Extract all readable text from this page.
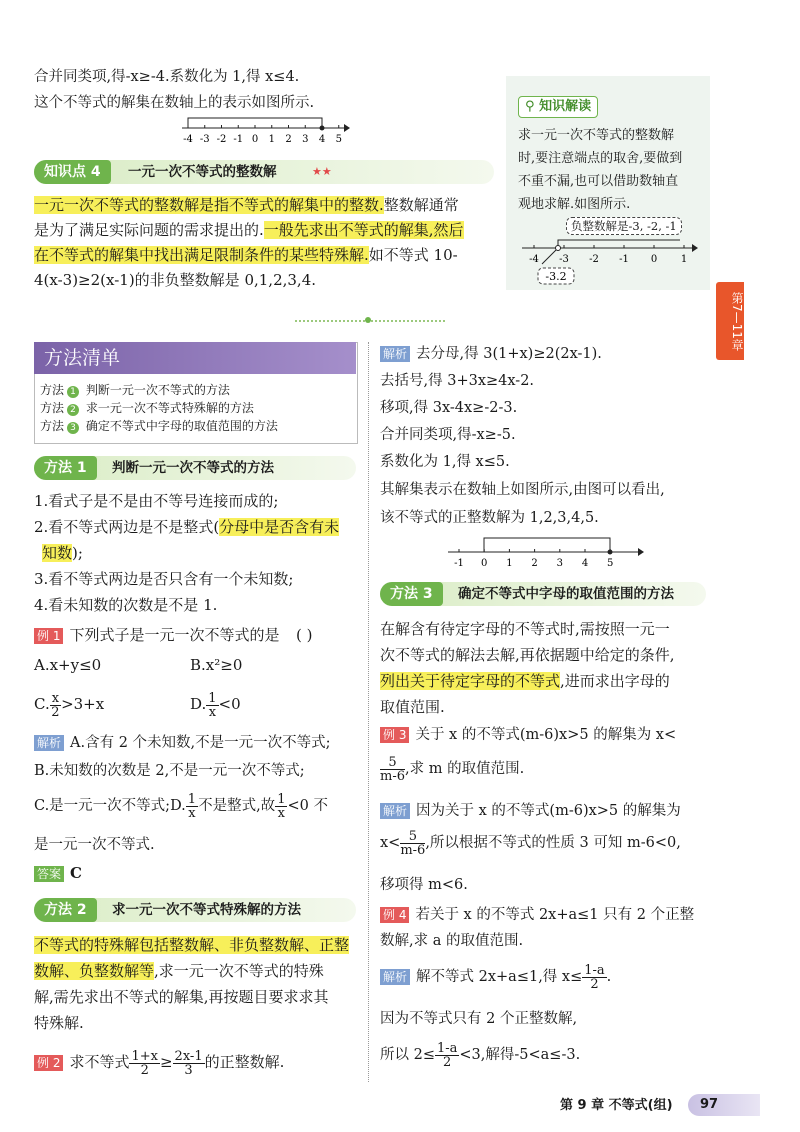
合并同类项,得-x≥-4.系数化为 1,得 x≤4.
这个不等式的解集在数轴上的表示如图所示.
-4 -3 -2 -1 0 1 2 3 4 5
知识点 4	一元一次不等式的整数解	★★
一元一次不等式的整数解是指不等式的解集中的整数.整数解通常
是为了满足实际问题的需求提出的.一般先求出不等式的解集,然后
在不等式的解集中找出满足限制条件的某些特殊解.如不等式 10-
4(x-3)≥2(x-1)的非负整数解是 0,1,2,3,4.
⚲ 知识解读
求一元一次不等式的整数解
时,要注意端点的取舍,要做到
不重不漏,也可以借助数轴直
观地求解.如图所示.
负整数解是-3, -2, -1
-3.2
-4 -3 -2 -1 0 1
第7—11章
方法清单
方法 1 判断一元一次不等式的方法
方法 2 求一元一次不等式特殊解的方法
方法 3 确定不等式中字母的取值范围的方法
方法 1	判断一元一次不等式的方法
1.看式子是不是由不等号连接而成的;
2.看不等式两边是不是整式(分母中是否含有未
知数);
3.看不等式两边是否只含有一个未知数;
4.看未知数的次数是不是 1.
例 1 下列式子是一元一次不等式的是 ( )
A.x+y≤0	B.x²≥0
C. $\frac{x}{2} >3+x$	D. $\frac{1}{x} <0$
解析 A.含有 2 个未知数,不是一元一次不等式;
B.未知数的次数是 2,不是一元一次不等式;
C.是一元一次不等式;D. $\frac{1}{x}$ 不是整式,故 $\frac{1}{x} <0$ 不
是一元一次不等式.
答案 C
方法 2	求一元一次不等式特殊解的方法
不等式的特殊解包括整数解、非负整数解、正整
数解、负整数解等,求一元一次不等式的特殊
解,需先求出不等式的解集,再按题目要求求其
特殊解.
例 2 求不等式 $\frac{1+x}{2} \ge \frac{2x-1}{3}$ 的正整数解.
解析 去分母,得 3(1+x)≥2(2x-1).
去括号,得 3+3x≥4x-2.
移项,得 3x-4x≥-2-3.
合并同类项,得-x≥-5.
系数化为 1,得 x≤5.
其解集表示在数轴上如图所示,由图可以看出,
该不等式的正整数解为 1,2,3,4,5.
-1 0 1 2 3 4 5
方法 3	确定不等式中字母的取值范围的方法
在解含有待定字母的不等式时,需按照一元一
次不等式的解法去解,再依据题中给定的条件,
列出关于待定字母的不等式,进而求出字母的
取值范围.
例 3 关于 x 的不等式(m-6)x>5 的解集为 x<
$\frac{5}{m-6}$ ,求 m 的取值范围.
解析 因为关于 x 的不等式(m-6)x>5 的解集为
$x< \frac{5}{m-6}$ ,所以根据不等式的性质 3 可知 m-6<0,
移项得 m<6.
例 4 若关于 x 的不等式 2x+a≤1 只有 2 个正整
数解,求 a 的取值范围.
解析 解不等式 2x+a≤1,得 $x\le \frac{1-a}{2}$ .
因为不等式只有 2 个正整数解,
所以 $2\le \frac{1-a}{2} <3$,解得-5<a≤-3.
第 9 章 不等式(组)	97
